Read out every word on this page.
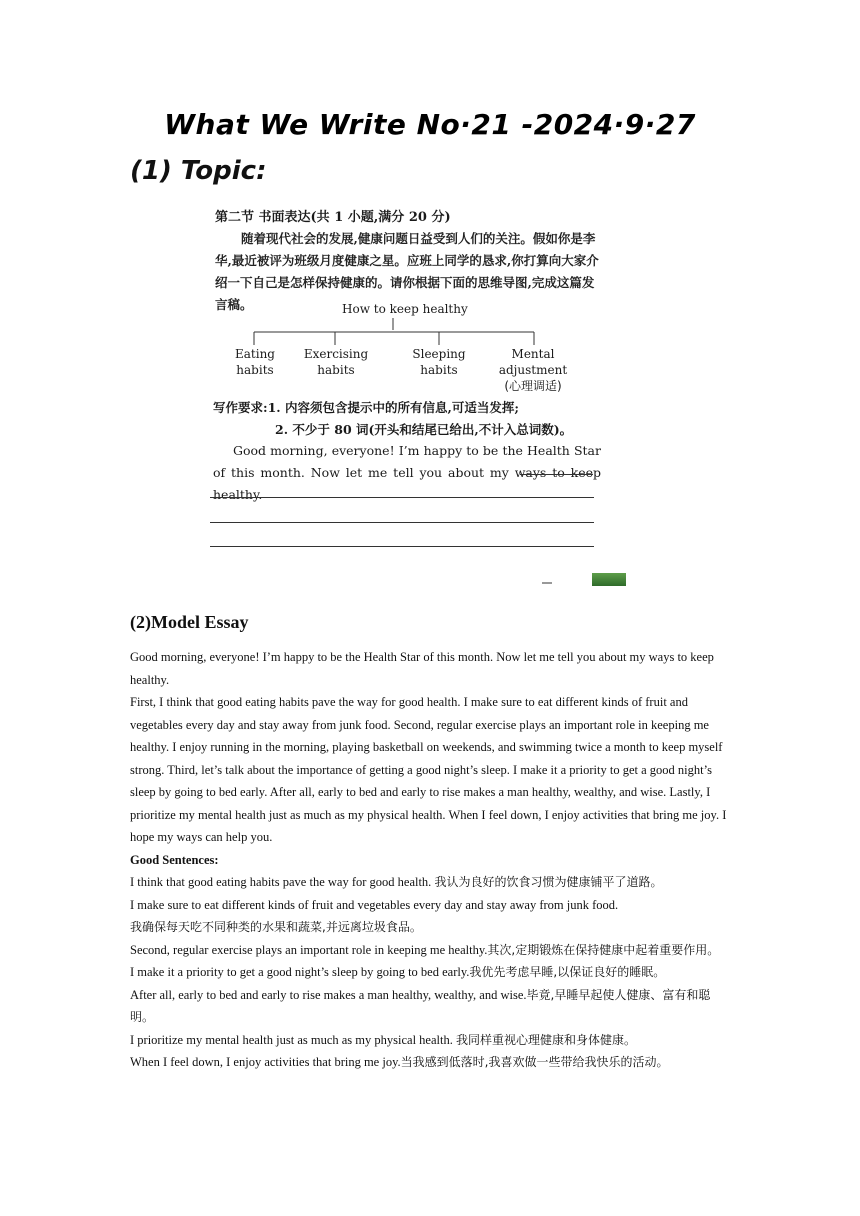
What We Write No·21 -2024·9·27
(1) Topic:
第二节 书面表达(共 1 小题,满分 20 分)
随着现代社会的发展,健康问题日益受到人们的关注。假如你是李华,最近被评为班级月度健康之星。应班上同学的恳求,你打算向大家介绍一下自己是怎样保持健康的。请你根据下面的思维导图,完成这篇发言稿。	How to keep healthy
Eating
habits
Exercising
habits
Sleeping
habits
Mental
adjustment
(心理调适)
写作要求:1. 内容须包含提示中的所有信息,可适当发挥;
2. 不少于 80 词(开头和结尾已给出,不计入总词数)。
Good morning, everyone! I’m happy to be the Health Star of this month. Now let me tell you about my ways to keep healthy.
(2)Model Essay

Good morning, everyone! I’m happy to be the Health Star of this month. Now let me tell you about my ways to keep healthy.

First, I think that good eating habits pave the way for good health. I make sure to eat different kinds of fruit and vegetables every day and stay away from junk food. Second, regular exercise plays an important role in keeping me healthy. I enjoy running in the morning, playing basketball on weekends, and swimming twice a month to keep myself strong. Third, let’s talk about the importance of getting a good night’s sleep. I make it a priority to get a good night’s sleep by going to bed early. After all, early to bed and early to rise makes a man healthy, wealthy, and wise. Lastly, I prioritize my mental health just as much as my physical health. When I feel down, I enjoy activities that bring me joy. I hope my ways can help you.

Good Sentences:

I think that good eating habits pave the way for good health. 我认为良好的饮食习惯为健康铺平了道路。

I make sure to eat different kinds of fruit and vegetables every day and stay away from junk food.
我确保每天吃不同种类的水果和蔬菜,并远离垃圾食品。

Second, regular exercise plays an important role in keeping me healthy.其次,定期锻炼在保持健康中起着重要作用。

I make it a priority to get a good night’s sleep by going to bed early.我优先考虑早睡,以保证良好的睡眠。

After all, early to bed and early to rise makes a man healthy, wealthy, and wise.毕竟,早睡早起使人健康、富有和聪明。

I prioritize my mental health just as much as my physical health. 我同样重视心理健康和身体健康。

When I feel down, I enjoy activities that bring me joy.当我感到低落时,我喜欢做一些带给我快乐的活动。
